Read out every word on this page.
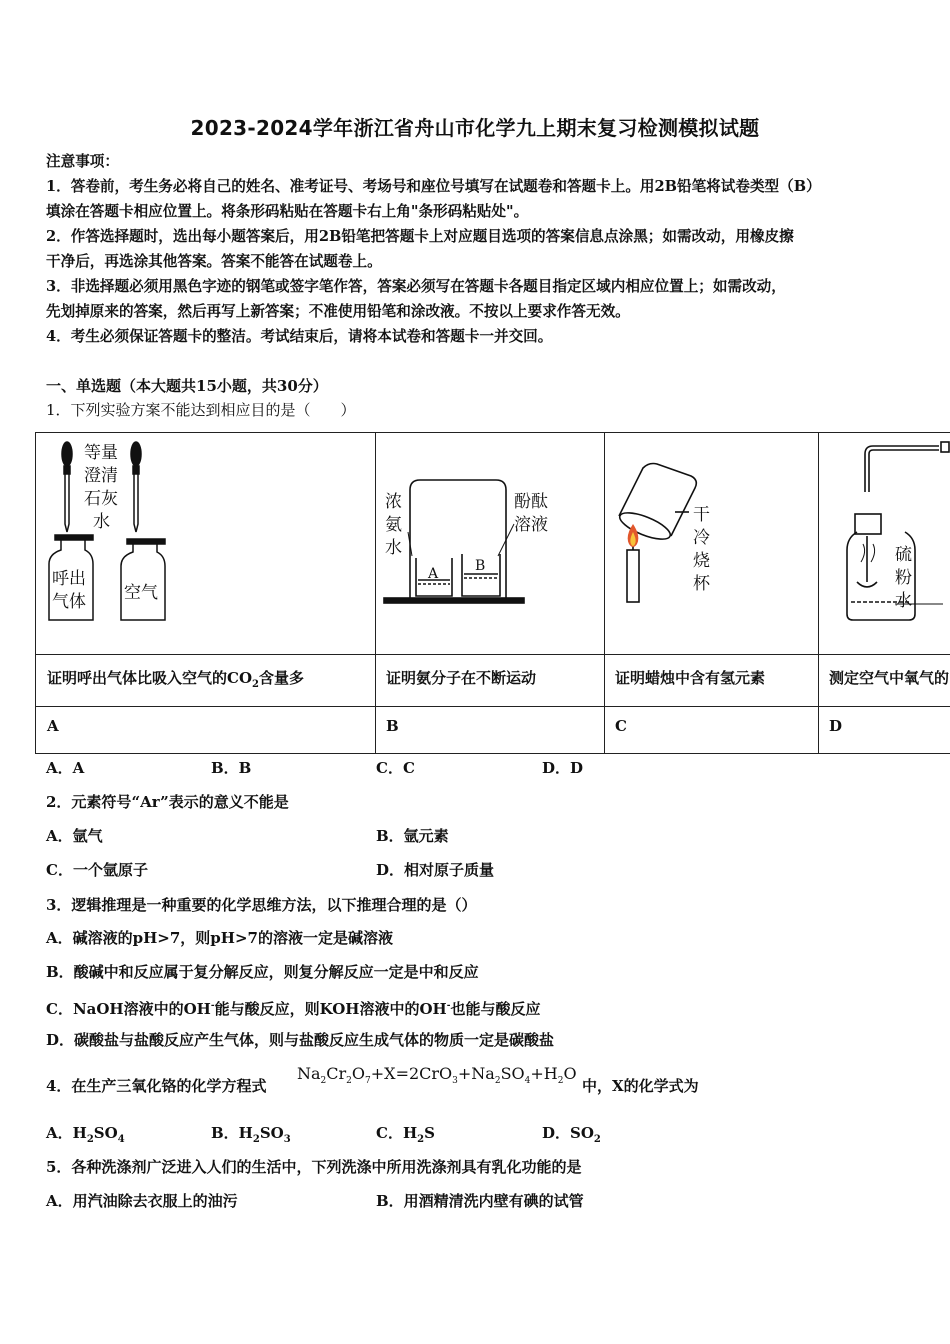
2023-2024学年浙江省舟山市化学九上期末复习检测模拟试题
注意事项：
1．答卷前，考生务必将自己的姓名、准考证号、考场号和座位号填写在试题卷和答题卡上。用2B铅笔将试卷类型（B）
填涂在答题卡相应位置上。将条形码粘贴在答题卡右上角"条形码粘贴处"。
2．作答选择题时，选出每小题答案后，用2B铅笔把答题卡上对应题目选项的答案信息点涂黑；如需改动，用橡皮擦
干净后，再选涂其他答案。答案不能答在试题卷上。
3．非选择题必须用黑色字迹的钢笔或签字笔作答，答案必须写在答题卡各题目指定区域内相应位置上；如需改动，
先划掉原来的答案，然后再写上新答案；不准使用铅笔和涂改液。不按以上要求作答无效。
4．考生必须保证答题卡的整洁。考试结束后，请将本试卷和答题卡一并交回。
一、单选题（本大题共15小题，共30分）
1．下列实验方案不能达到相应目的是（　　）
等量
澄清
石灰
水
呼出
气体 空气
浓
氨
水
酚酞
溶液
A	B
干
冷
烧
杯
硫
粉
水
证明呼出气体比吸入空气的$CO_2$含量多	证明氨分子在不断运动	证明蜡烛中含有氢元素	测定空气中氧气的
A	B	C	D
A．A	B．B	C．C	D．D
2．元素符号“Ar”表示的意义不能是
A．氩气	B．氩元素
C．一个氩原子	D．相对原子质量
3．逻辑推理是一种重要的化学思维方法，以下推理合理的是（）
A．碱溶液的pH>7，则pH>7的溶液一定是碱溶液
B．酸碱中和反应属于复分解反应，则复分解反应一定是中和反应
C．NaOH溶液中的OH-能与酸反应，则KOH溶液中的OH-也能与酸反应
D．碳酸盐与盐酸反应产生气体，则与盐酸反应生成气体的物质一定是碳酸盐
4．在生产三氧化铬的化学方程式
$Na_2Cr_2O_7+X=2CrO_3+Na_2SO_4+H_2O$
中，X的化学式为
A．$H_2SO_4$	B．$H_2SO_3$	C．$H_2S$	D．$SO_2$
5．各种洗涤剂广泛进入人们的生活中，下列洗涤中所用洗涤剂具有乳化功能的是
A．用汽油除去衣服上的油污	B．用酒精清洗内壁有碘的试管
